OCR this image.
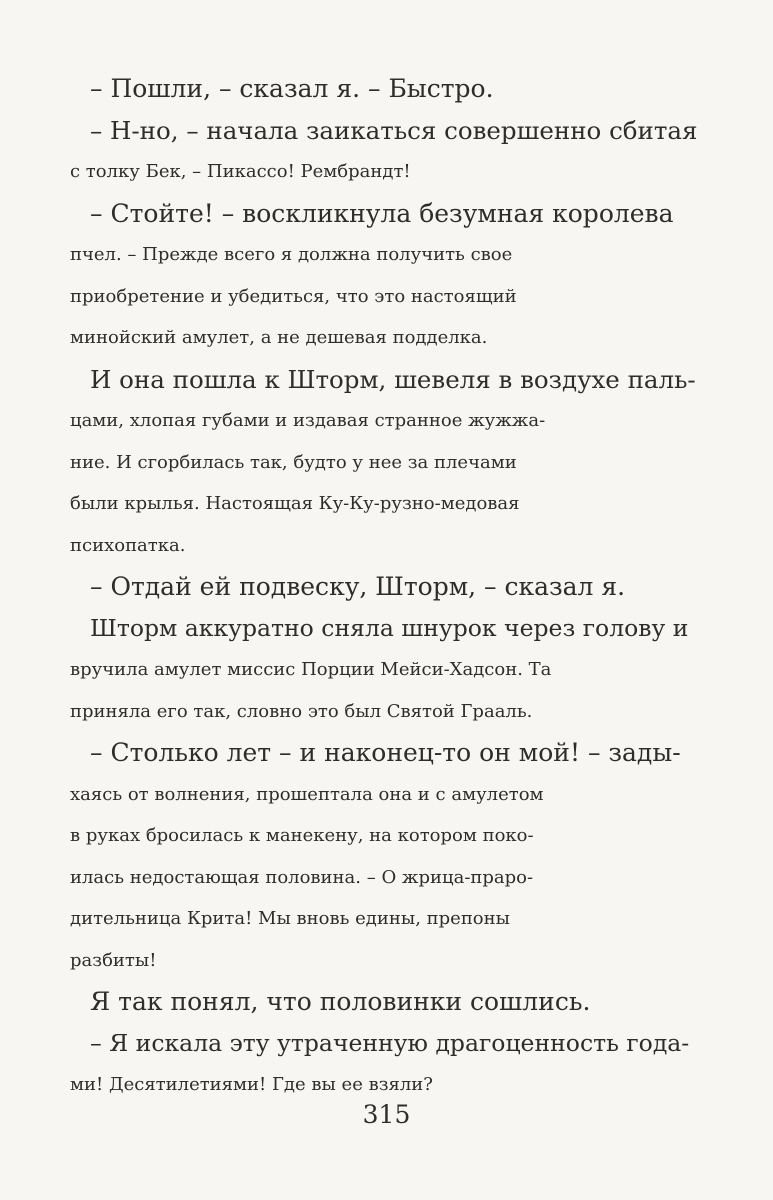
– Пошли, – сказал я. – Быстро.
– Н-но, – начала заикаться совершенно сбитая
с толку Бек, – Пикассо! Рембрандт!
– Стойте! – воскликнула безумная королева
пчел. – Прежде всего я должна получить свое
приобретение и убедиться, что это настоящий
минойский амулет, а не дешевая подделка.
И она пошла к Шторм, шевеля в воздухе паль-
цами, хлопая губами и издавая странное жужжа-
ние. И сгорбилась так, будто у нее за плечами
были крылья. Настоящая Ку-Ку-рузно-медовая
психопатка.
– Отдай ей подвеску, Шторм, – сказал я.
Шторм аккуратно сняла шнурок через голову и
вручила амулет миссис Порции Мейси-Хадсон. Та
приняла его так, словно это был Святой Грааль.
– Столько лет – и наконец-то он мой! – зады-
хаясь от волнения, прошептала она и с амулетом
в руках бросилась к манекену, на котором поко-
илась недостающая половина. – О жрица-праро-
дительница Крита! Мы вновь едины, препоны
разбиты!
Я так понял, что половинки сошлись.
– Я искала эту утраченную драгоценность года-
ми! Десятилетиями! Где вы ее взяли?
315
